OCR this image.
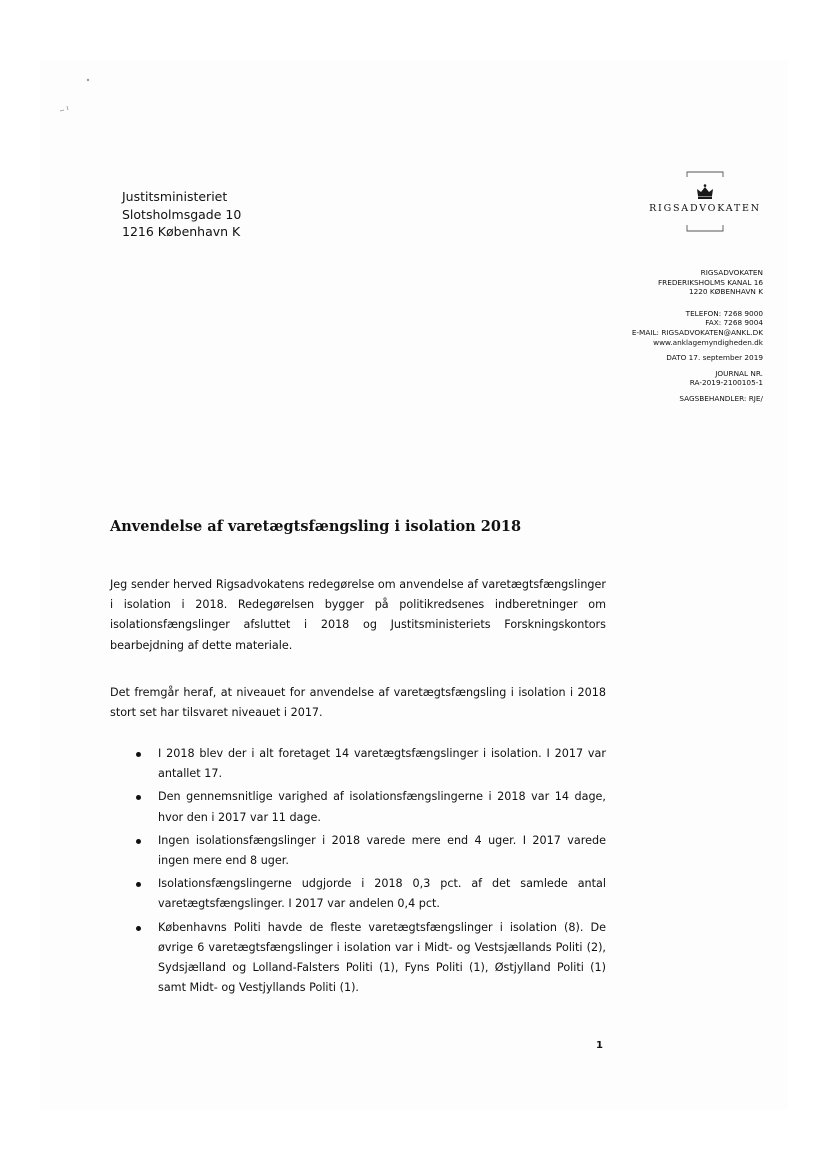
Justitsministeriet
Slotsholmsgade 10
1216 København K
RIGSADVOKATEN
RIGSADVOKATEN
FREDERIKSHOLMS KANAL 16
1220 KØBENHAVN K
TELEFON: 7268 9000
FAX: 7268 9004
E-MAIL: RIGSADVOKATEN@ANKL.DK
www.anklagemyndigheden.dk
DATO 17. september 2019
JOURNAL NR.
RA-2019-2100105-1
SAGSBEHANDLER: RJE/
Anvendelse af varetægtsfængsling i isolation 2018
Jeg sender herved Rigsadvokatens redegørelse om anvendelse af varetægtsfængslinger i isolation i 2018. Redegørelsen bygger på politikredsenes indberetninger om isolationsfængslinger afsluttet i 2018 og Justitsministeriets Forskningskontors bearbejdning af dette materiale.
Det fremgår heraf, at niveauet for anvendelse af varetægtsfængsling i isolation i 2018 stort set har tilsvaret niveauet i 2017.
I 2018 blev der i alt foretaget 14 varetægtsfængslinger i isolation. I 2017 var antallet 17.
Den gennemsnitlige varighed af isolationsfængslingerne i 2018 var 14 dage, hvor den i 2017 var 11 dage.
Ingen isolationsfængslinger i 2018 varede mere end 4 uger. I 2017 varede ingen mere end 8 uger.
Isolationsfængslingerne udgjorde i 2018 0,3 pct. af det samlede antal varetægtsfængslinger. I 2017 var andelen 0,4 pct.
Københavns Politi havde de fleste varetægtsfængslinger i isolation (8). De øvrige 6 varetægtsfængslinger i isolation var i Midt- og Vestsjællands Politi (2), Sydsjælland og Lolland-Falsters Politi (1), Fyns Politi (1), Østjylland Politi (1) samt Midt- og Vestjyllands Politi (1).
1
